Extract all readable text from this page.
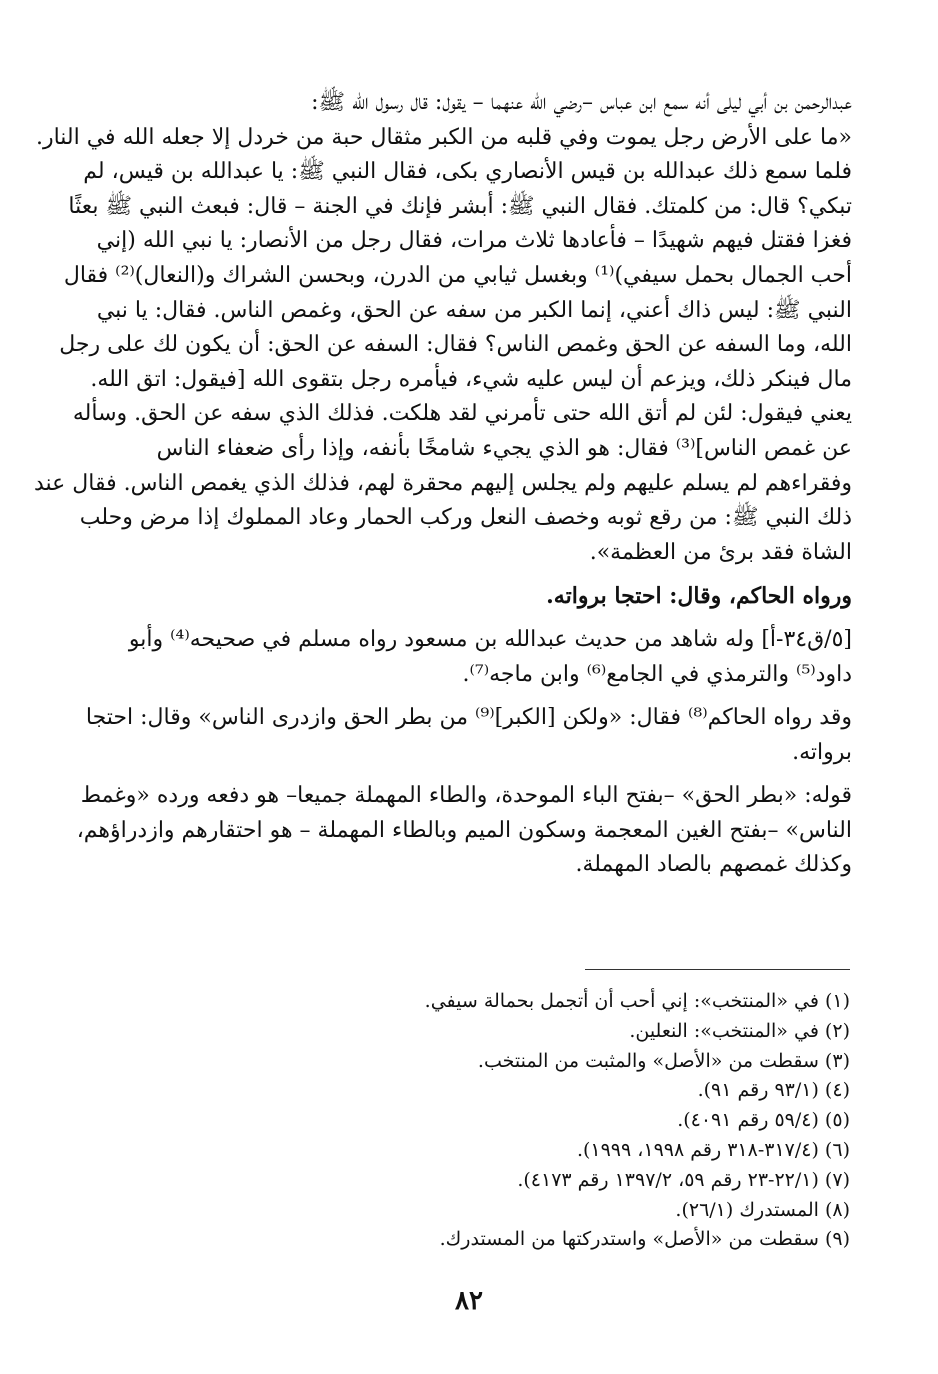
عبدالرحمن بن أبي ليلى أنه سمع ابن عباس –رضي الله عنهما – يقول: قال رسول الله ﷺ:
«ما على الأرض رجل يموت وفي قلبه من الكبر مثقال حبة من خردل إلا جعله الله في النار.
فلما سمع ذلك عبدالله بن قيس الأنصاري بكى، فقال النبي ﷺ: يا عبدالله بن قيس، لم
تبكي؟ قال: من كلمتك. فقال النبي ﷺ: أبشر فإنك في الجنة – قال: فبعث النبي ﷺ بعثًا
فغزا فقتل فيهم شهيدًا – فأعادها ثلاث مرات، فقال رجل من الأنصار: يا نبي الله (إني
أحب الجمال بحمل سيفي)⁽¹⁾ وبغسل ثيابي من الدرن، وبحسن الشراك و(النعال)⁽²⁾ فقال
النبي ﷺ: ليس ذاك أعني، إنما الكبر من سفه عن الحق، وغمص الناس. فقال: يا نبي
الله، وما السفه عن الحق وغمص الناس؟ فقال: السفه عن الحق: أن يكون لك على رجل
مال فينكر ذلك، ويزعم أن ليس عليه شيء، فيأمره رجل بتقوى الله [فيقول: اتق الله.
يعني فيقول: لئن لم أتق الله حتى تأمرني لقد هلكت. فذلك الذي سفه عن الحق. وسأله
عن غمص الناس]⁽³⁾ فقال: هو الذي يجيء شامخًا بأنفه، وإذا رأى ضعفاء الناس
وفقراءهم لم يسلم عليهم ولم يجلس إليهم محقرة لهم، فذلك الذي يغمص الناس. فقال عند
ذلك النبي ﷺ: من رقع ثوبه وخصف النعل وركب الحمار وعاد المملوك إذا مرض وحلب
الشاة فقد برئ من العظمة».
ورواه الحاكم، وقال: احتجا برواته.
[٥/ق٣٤-أ] وله شاهد من حديث عبدالله بن مسعود رواه مسلم في صحيحه⁽⁴⁾ وأبو
داود⁽⁵⁾ والترمذي في الجامع⁽⁶⁾ وابن ماجه⁽⁷⁾.
وقد رواه الحاكم⁽⁸⁾ فقال: «ولكن [الكبر]⁽⁹⁾ من بطر الحق وازدرى الناس» وقال: احتجا
برواته.
قوله: «بطر الحق» –بفتح الباء الموحدة، والطاء المهملة جميعا– هو دفعه ورده «وغمط
الناس» –بفتح الغين المعجمة وسكون الميم وبالطاء المهملة – هو احتقارهم وازدراؤهم،
وكذلك غمصهم بالصاد المهملة.
(١) في «المنتخب»: إني أحب أن أتجمل بحمالة سيفي.
(٢) في «المنتخب»: النعلين.
(٣) سقطت من «الأصل» والمثبت من المنتخب.
(٤) (٩٣/١ رقم ٩١).
(٥) (٥٩/٤ رقم ٤٠٩١).
(٦) (٣١٧/٤-٣١٨ رقم ١٩٩٨، ١٩٩٩).
(٧) (٢٢/١-٢٣ رقم ٥٩، ١٣٩٧/٢ رقم ٤١٧٣).
(٨) المستدرك (٢٦/١).
(٩) سقطت من «الأصل» واستدركتها من المستدرك.
٨٢
